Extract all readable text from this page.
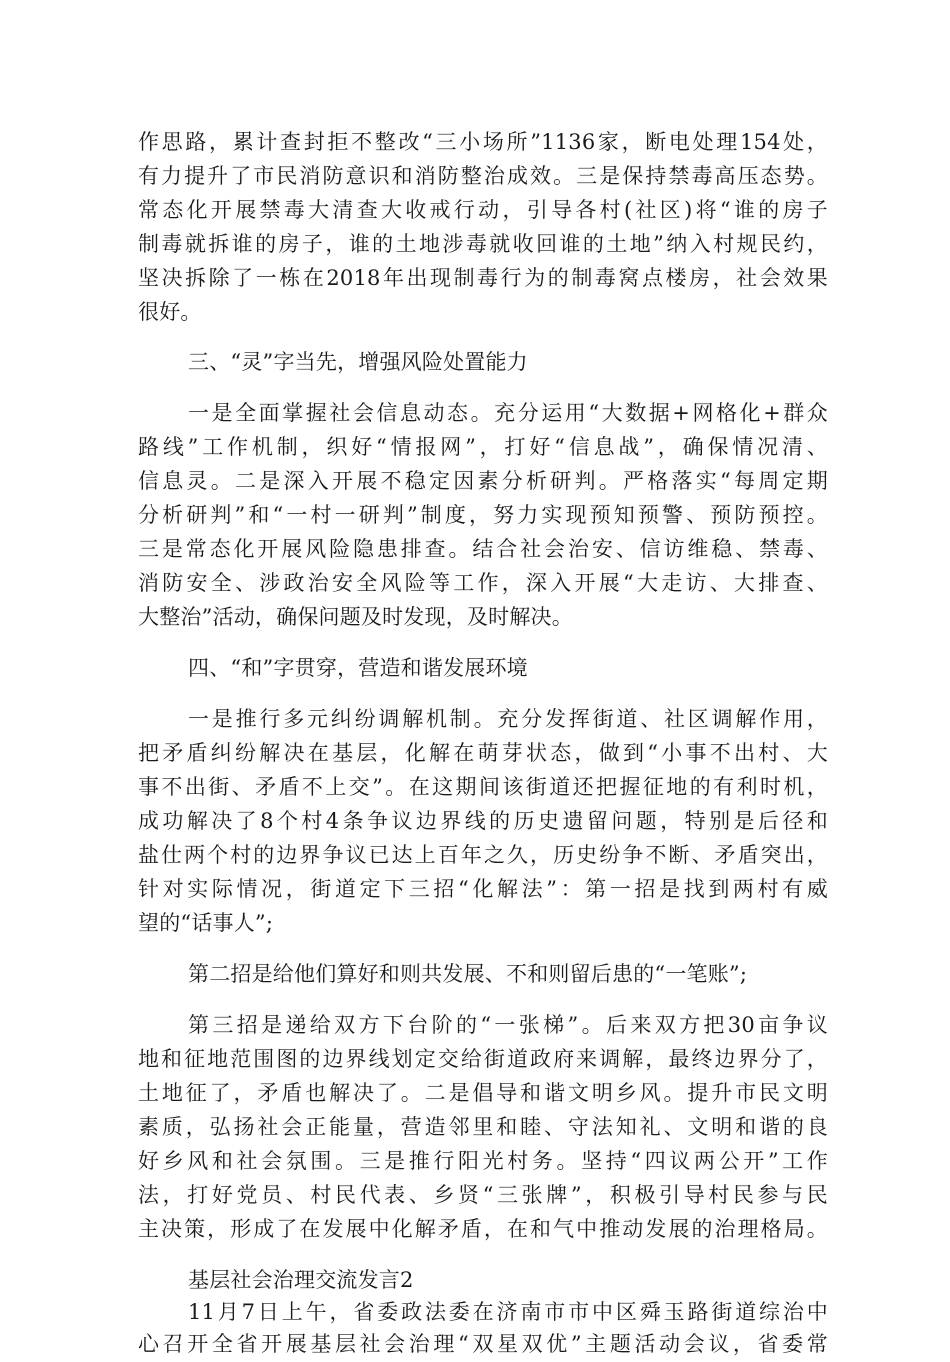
作思路，累计查封拒不整改“三小场所”1136家，断电处理154处，
有力提升了市民消防意识和消防整治成效。三是保持禁毒高压态势。
常态化开展禁毒大清查大收戒行动，引导各村(社区)将“谁的房子
制毒就拆谁的房子，谁的土地涉毒就收回谁的土地”纳入村规民约，
坚决拆除了一栋在2018年出现制毒行为的制毒窝点楼房，社会效果
很好。
三、“灵”字当先，增强风险处置能力
一是全面掌握社会信息动态。充分运用“大数据+网格化+群众
路线”工作机制，织好“情报网”，打好“信息战”，确保情况清、
信息灵。二是深入开展不稳定因素分析研判。严格落实“每周定期
分析研判”和“一村一研判”制度，努力实现预知预警、预防预控。
三是常态化开展风险隐患排查。结合社会治安、信访维稳、禁毒、
消防安全、涉政治安全风险等工作，深入开展“大走访、大排查、
大整治”活动，确保问题及时发现，及时解决。
四、“和”字贯穿，营造和谐发展环境
一是推行多元纠纷调解机制。充分发挥街道、社区调解作用，
把矛盾纠纷解决在基层，化解在萌芽状态，做到“小事不出村、大
事不出街、矛盾不上交”。在这期间该街道还把握征地的有利时机，
成功解决了8个村4条争议边界线的历史遗留问题，特别是后径和
盐仕两个村的边界争议已达上百年之久，历史纷争不断、矛盾突出，
针对实际情况，街道定下三招“化解法”：第一招是找到两村有威
望的“话事人”;
第二招是给他们算好和则共发展、不和则留后患的“一笔账”;
第三招是递给双方下台阶的“一张梯”。后来双方把30亩争议
地和征地范围图的边界线划定交给街道政府来调解，最终边界分了，
土地征了，矛盾也解决了。二是倡导和谐文明乡风。提升市民文明
素质，弘扬社会正能量，营造邻里和睦、守法知礼、文明和谐的良
好乡风和社会氛围。三是推行阳光村务。坚持“四议两公开”工作
法，打好党员、村民代表、乡贤“三张牌”，积极引导村民参与民
主决策，形成了在发展中化解矛盾，在和气中推动发展的治理格局。
基层社会治理交流发言2
11月7日上午，省委政法委在济南市市中区舜玉路街道综治中
心召开全省开展基层社会治理“双星双优”主题活动会议，省委常
